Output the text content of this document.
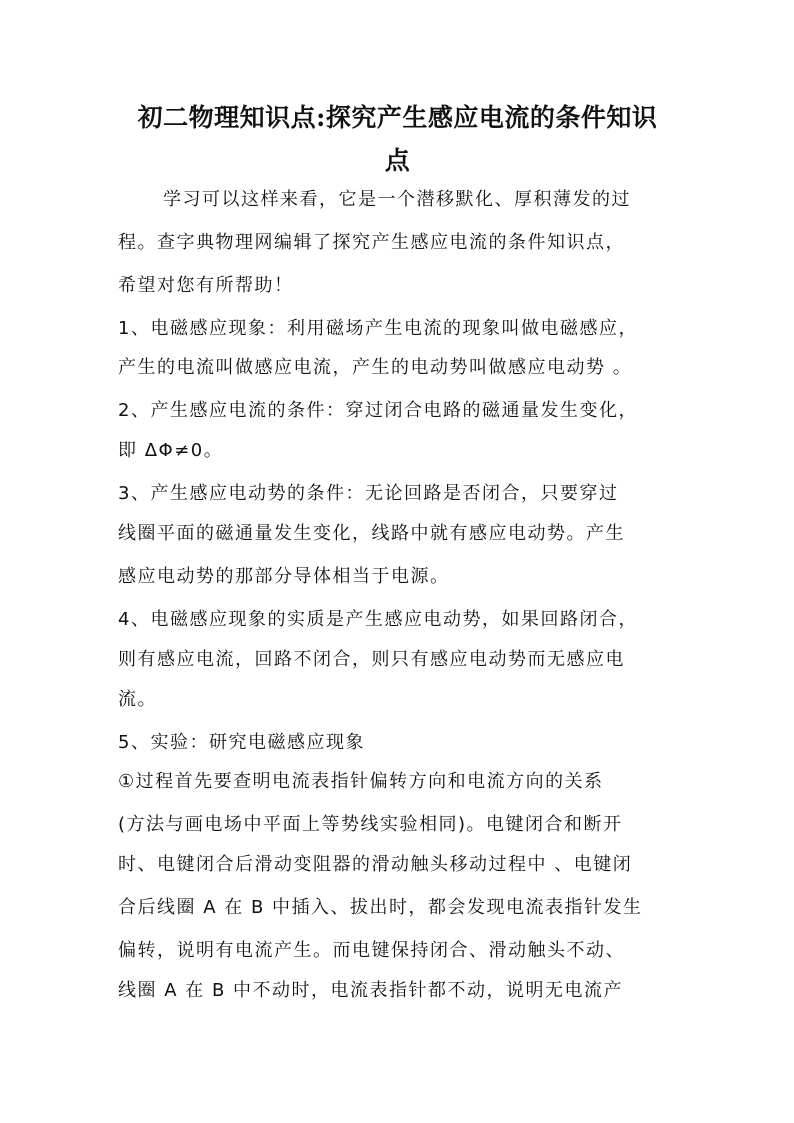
初二物理知识点:探究产生感应电流的条件知识
点
学习可以这样来看，它是一个潜移默化、厚积薄发的过
程。查字典物理网编辑了探究产生感应电流的条件知识点，
希望对您有所帮助！
1、电磁感应现象：利用磁场产生电流的现象叫做电磁感应，
产生的电流叫做感应电流，产生的电动势叫做感应电动势 。
2、产生感应电流的条件：穿过闭合电路的磁通量发生变化，
即 ΔΦ≠0。
3、产生感应电动势的条件：无论回路是否闭合，只要穿过
线圈平面的磁通量发生变化，线路中就有感应电动势。产生
感应电动势的那部分导体相当于电源。
4、电磁感应现象的实质是产生感应电动势，如果回路闭合，
则有感应电流，回路不闭合，则只有感应电动势而无感应电
流。
5、实验：研究电磁感应现象
①过程首先要查明电流表指针偏转方向和电流方向的关系
(方法与画电场中平面上等势线实验相同)。电键闭合和断开
时、电键闭合后滑动变阻器的滑动触头移动过程中 、电键闭
合后线圈 A 在 B 中插入、拔出时，都会发现电流表指针发生
偏转，说明有电流产生。而电键保持闭合、滑动触头不动、
线圈 A 在 B 中不动时，电流表指针都不动，说明无电流产
